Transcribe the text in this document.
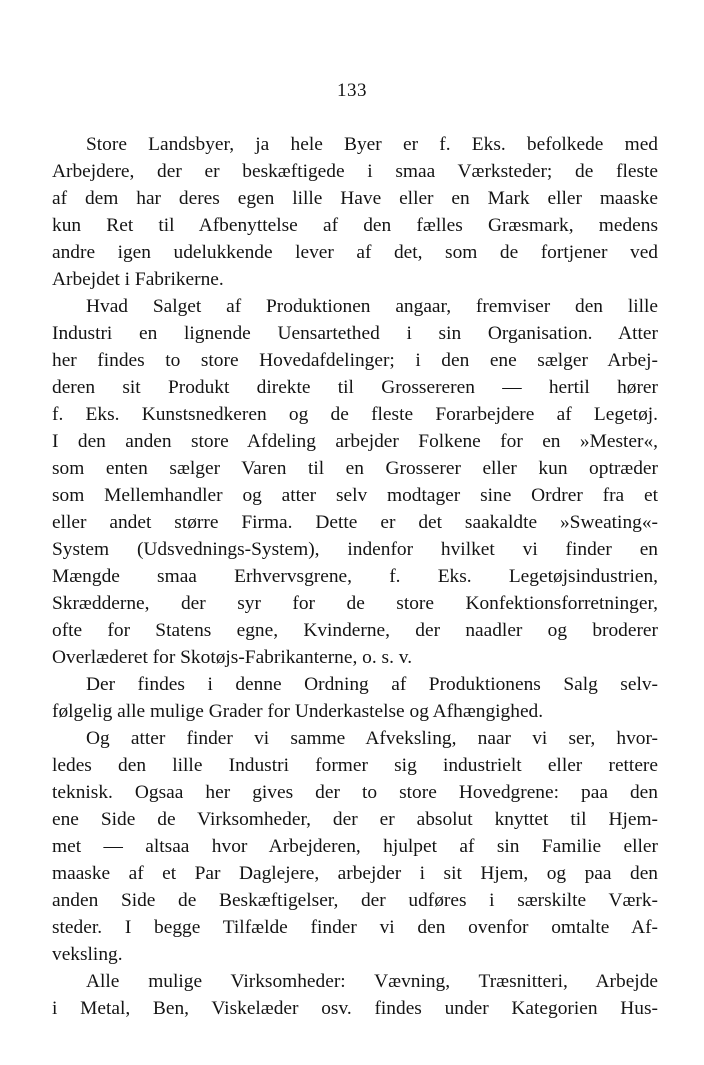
133
Store Landsbyer, ja hele Byer er f. Eks. befolkede med
Arbejdere, der er beskæftigede i smaa Værksteder; de fleste
af dem har deres egen lille Have eller en Mark eller maaske
kun Ret til Afbenyttelse af den fælles Græsmark, medens
andre igen udelukkende lever af det, som de fortjener ved
Arbejdet i Fabrikerne.
Hvad Salget af Produktionen angaar, fremviser den lille
Industri en lignende Uensartethed i sin Organisation. Atter
her findes to store Hovedafdelinger; i den ene sælger Arbej-
deren sit Produkt direkte til Grossereren — hertil hører
f. Eks. Kunstsnedkeren og de fleste Forarbejdere af Legetøj.
I den anden store Afdeling arbejder Folkene for en »Mester«,
som enten sælger Varen til en Grosserer eller kun optræder
som Mellemhandler og atter selv modtager sine Ordrer fra et
eller andet større Firma. Dette er det saakaldte »Sweating«-
System (Udsvednings-System), indenfor hvilket vi finder en
Mængde smaa Erhvervsgrene, f. Eks. Legetøjsindustrien,
Skrædderne, der syr for de store Konfektionsforretninger,
ofte for Statens egne, Kvinderne, der naadler og broderer
Overlæderet for Skotøjs-Fabrikanterne, o. s. v.
Der findes i denne Ordning af Produktionens Salg selv-
følgelig alle mulige Grader for Underkastelse og Afhængighed.
Og atter finder vi samme Afveksling, naar vi ser, hvor-
ledes den lille Industri former sig industrielt eller rettere
teknisk. Ogsaa her gives der to store Hovedgrene: paa den
ene Side de Virksomheder, der er absolut knyttet til Hjem-
met — altsaa hvor Arbejderen, hjulpet af sin Familie eller
maaske af et Par Daglejere, arbejder i sit Hjem, og paa den
anden Side de Beskæftigelser, der udføres i særskilte Værk-
steder. I begge Tilfælde finder vi den ovenfor omtalte Af-
veksling.
Alle mulige Virksomheder: Vævning, Træsnitteri, Arbejde
i Metal, Ben, Viskelæder osv. findes under Kategorien Hus-
